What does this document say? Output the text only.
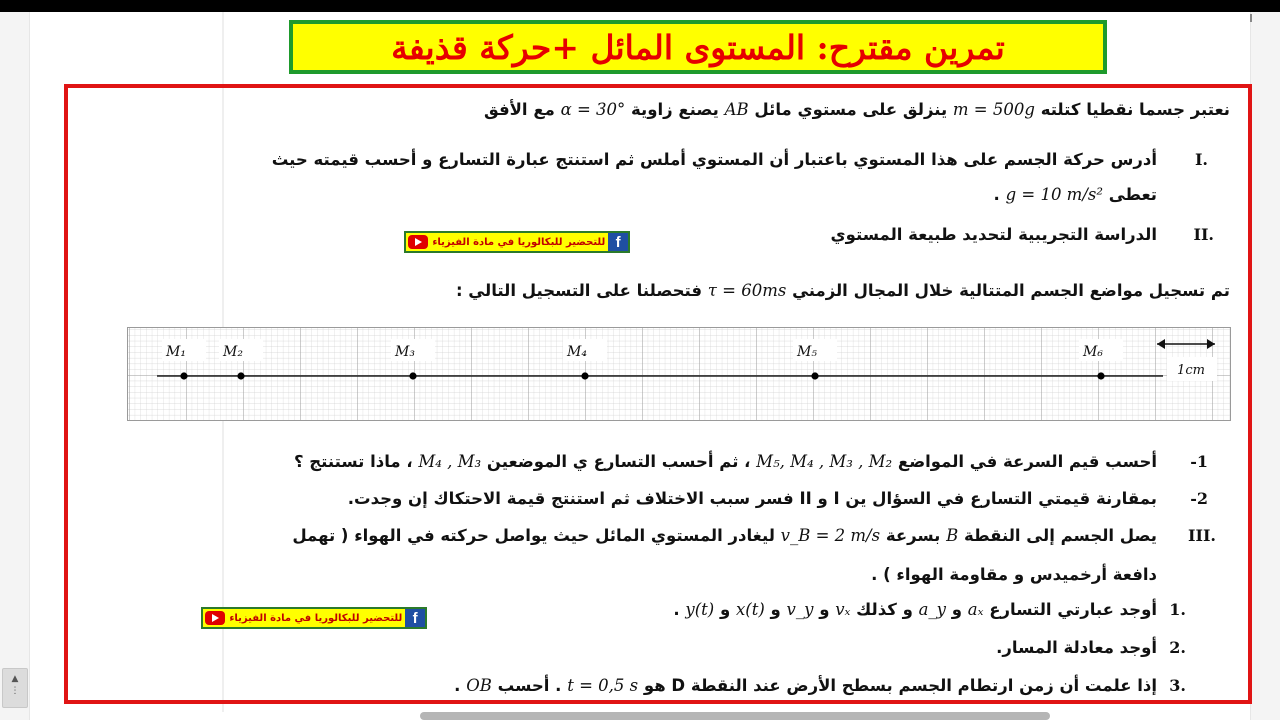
تمرين مقترح: المستوى المائل +حركة قذيفة
نعتبر جسما نقطيا كتلته m = 500g ينزلق على مستوي مائل AB يصنع زاوية α = 30° مع الأفق
I.
أدرس حركة الجسم على هذا المستوي باعتبار أن المستوي أملس ثم استنتج عبارة التسارع و أحسب قيمته حيث
تعطى g = 10 m/s² .
II.
الدراسة التجريبية لتحديد طبيعة المستوي
للتحضير للبكالوريا في مادة الفيزياء f
تم تسجيل مواضع الجسم المتتالية خلال المجال الزمني τ = 60ms فتحصلنا على التسجيل التالي :
M₁	M₂	M₃	M₄	M₅	M₆
1cm
-1
أحسب قيم السرعة في المواضع M₅, M₄ , M₃ , M₂ ، ثم أحسب التسارع ي الموضعين M₄ , M₃ ، ماذا تستنتج ؟
-2
بمقارنة قيمتي التسارع في السؤال ين I و II فسر سبب الاختلاف ثم استنتج قيمة الاحتكاك إن وجدت.
III.
يصل الجسم إلى النقطة B بسرعة v_B = 2 m/s ليغادر المستوي المائل حيث يواصل حركته في الهواء ( تهمل
دافعة أرخميدس و مقاومة الهواء ) .
للتحضير للبكالوريا في مادة الفيزياء f	1.
أوجد عبارتي التسارع aₓ و a_y و كذلك vₓ و v_y و x(t) و y(t) .
2.
أوجد معادلة المسار.
3.
إذا علمت أن زمن ارتطام الجسم بسطح الأرض عند النقطة D هو t = 0,5 s . أحسب OB .
▲
⋮
